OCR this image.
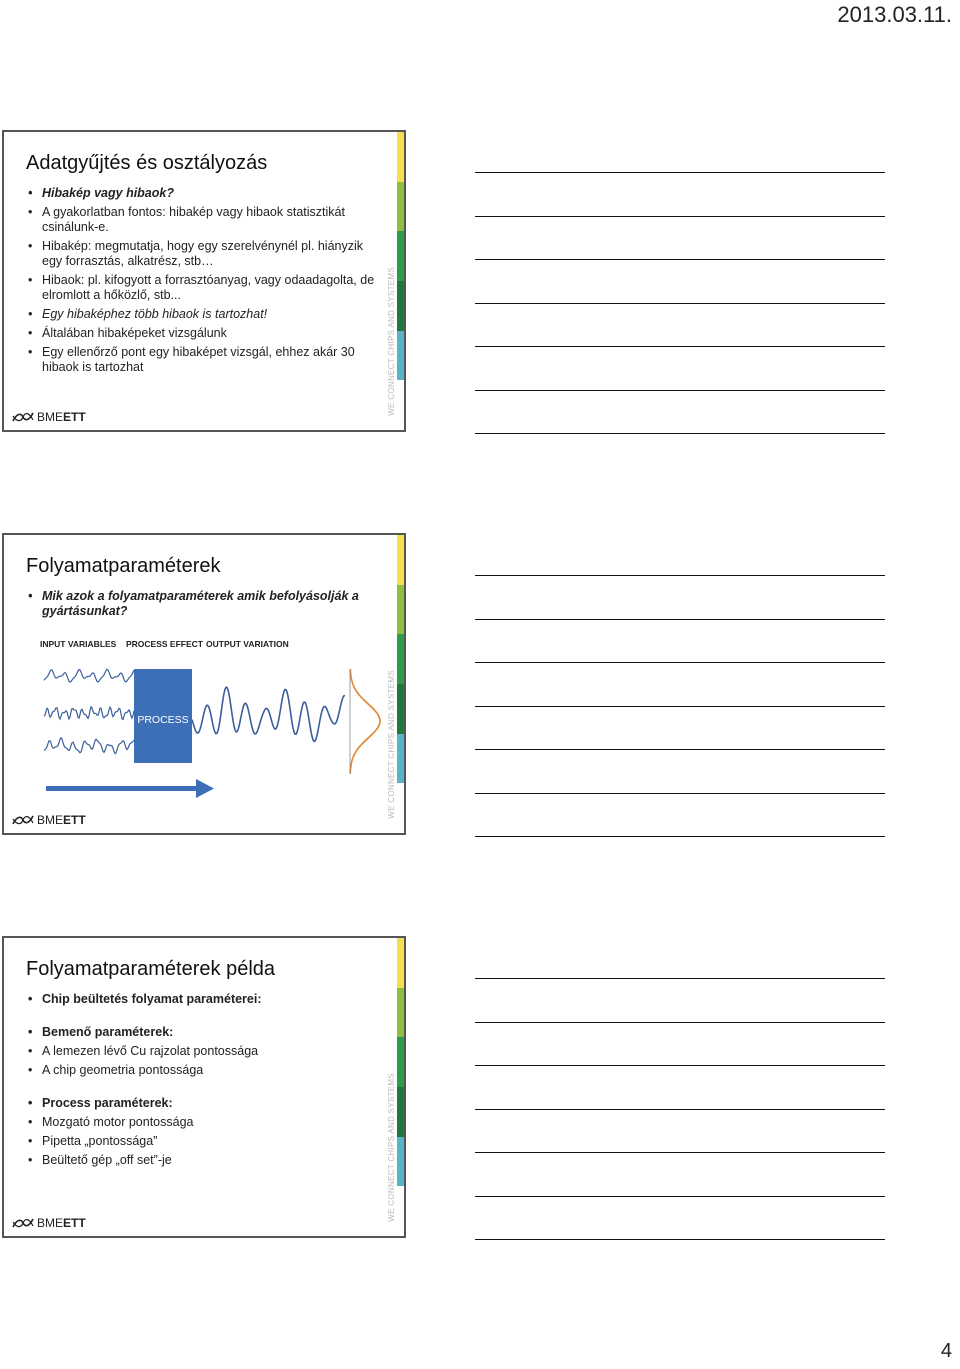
2013.03.11.
Adatgyűjtés és osztályozás
• Hibakép vagy hibaok?
• A gyakorlatban fontos: hibakép vagy hibaok statisztikát csinálunk-e.
• Hibakép: megmutatja, hogy egy szerelvénynél pl. hiányzik egy forrasztás, alkatrész, stb…
• Hibaok: pl. kifogyott a forrasztóanyag, vagy odaadagolta, de elromlott a hőközlő, stb...
• Egy hibaképhez több hibaok is tartozhat!
• Általában hibaképeket vizsgálunk
• Egy ellenőrző pont egy hibaképet vizsgál, ehhez akár 30 hibaok is tartozhat	WE CONNECT CHIPS AND SYSTEMS
BMEETT
Folyamatparaméterek
• Mik azok a folyamatparaméterek amik befolyásolják a gyártásunkat?
INPUT VARIABLES PROCESS EFFECT OUTPUT VARIATION
PROCESS	WE CONNECT CHIPS AND SYSTEMS
BMEETT
Folyamatparaméterek példa
• Chip beültetés folyamat paraméterei:
• Bemenő paraméterek:
• A lemezen lévő Cu rajzolat pontossága
• A chip geometria pontossága
• Process paraméterek:
• Mozgató motor pontossága
• Pipetta „pontossága”
• Beültető gép „off set”-je	WE CONNECT CHIPS AND SYSTEMS
BMEETT
4
